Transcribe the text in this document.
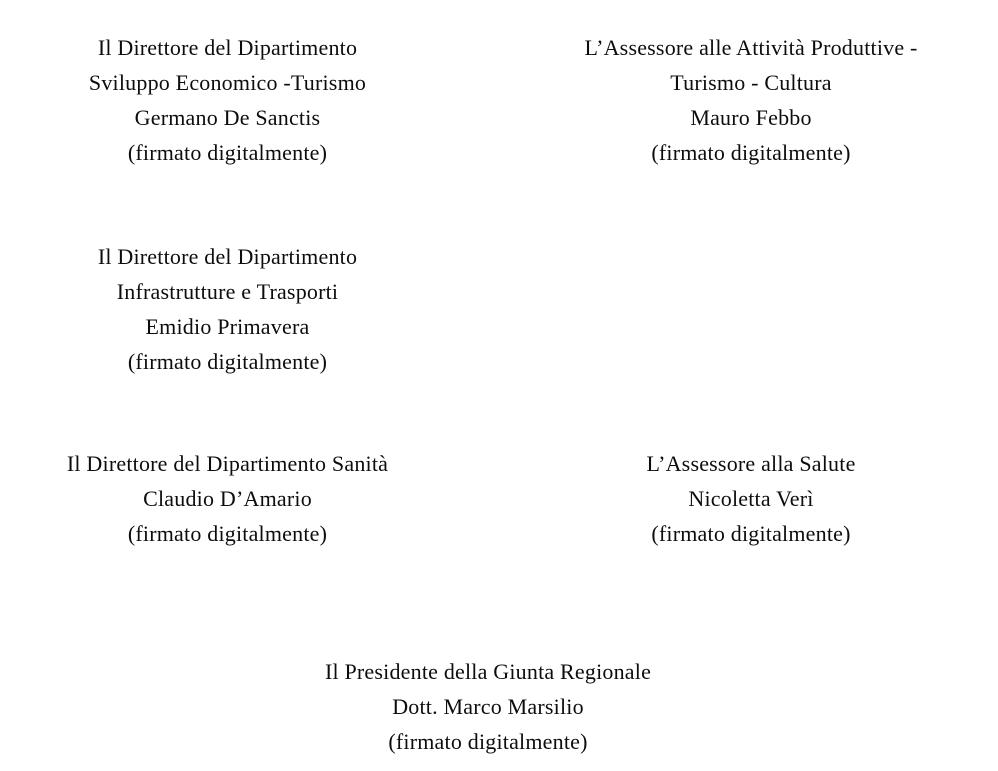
Il Direttore del Dipartimento
Sviluppo Economico -Turismo
Germano De Sanctis
(firmato digitalmente)
L’Assessore alle Attività Produttive -
Turismo - Cultura
Mauro Febbo
(firmato digitalmente)
Il Direttore del Dipartimento
Infrastrutture e Trasporti
Emidio Primavera
(firmato digitalmente)
Il Direttore del Dipartimento Sanità
Claudio D’Amario
(firmato digitalmente)
L’Assessore alla Salute
Nicoletta Verì
(firmato digitalmente)
Il Presidente della Giunta Regionale
Dott. Marco Marsilio
(firmato digitalmente)
